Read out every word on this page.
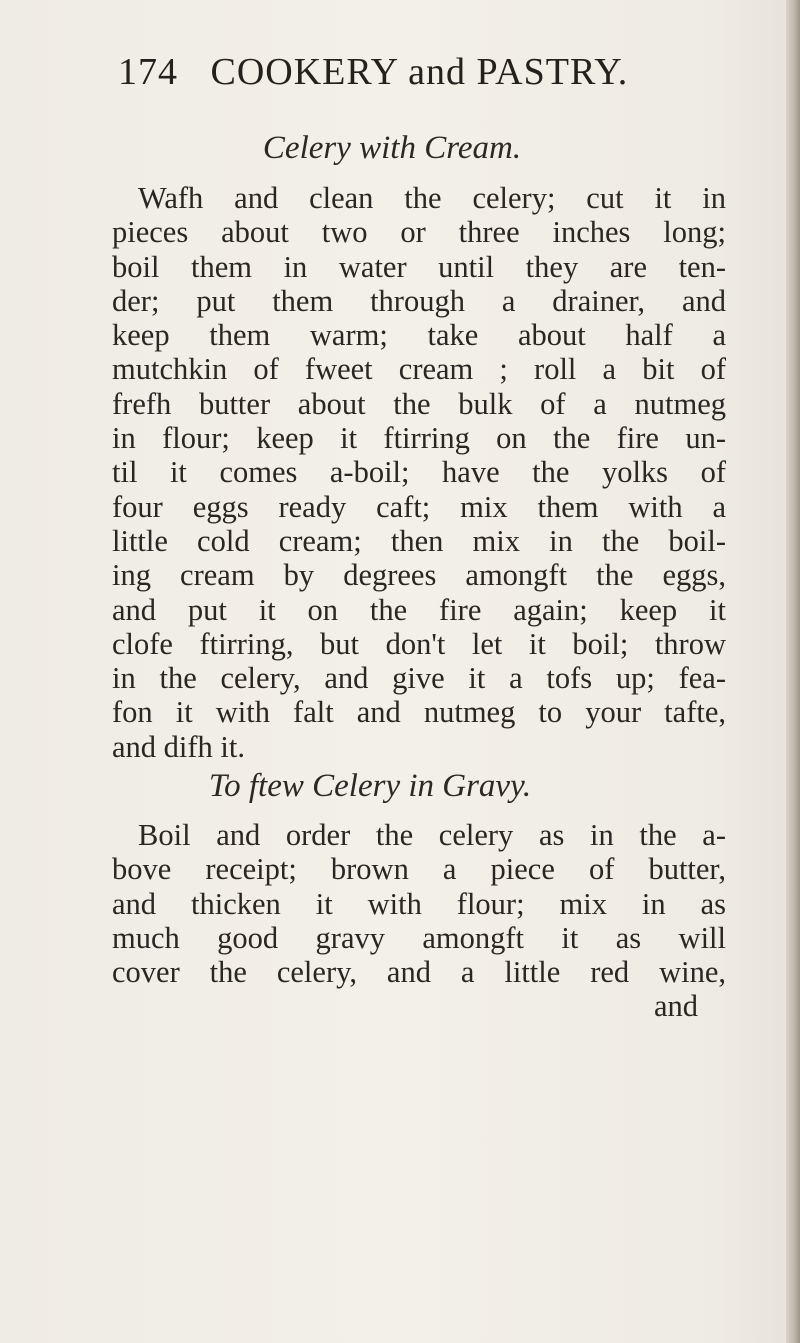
174 COOKERY and PASTRY.
Celery with Cream.
Wafh and clean the celery; cut it in
pieces about two or three inches long;
boil them in water until they are ten-
der; put them through a drainer, and
keep them warm; take about half a
mutchkin of fweet cream ; roll a bit of
frefh butter about the bulk of a nutmeg
in flour; keep it ftirring on the fire un-
til it comes a-boil; have the yolks of
four eggs ready caft; mix them with a
little cold cream; then mix in the boil-
ing cream by degrees amongft the eggs,
and put it on the fire again; keep it
clofe ftirring, but don't let it boil; throw
in the celery, and give it a tofs up; fea-
fon it with falt and nutmeg to your tafte,
and difh it.
To ftew Celery in Gravy.
Boil and order the celery as in the a-
bove receipt; brown a piece of butter,
and thicken it with flour; mix in as
much good gravy amongft it as will
cover the celery, and a little red wine,
and
